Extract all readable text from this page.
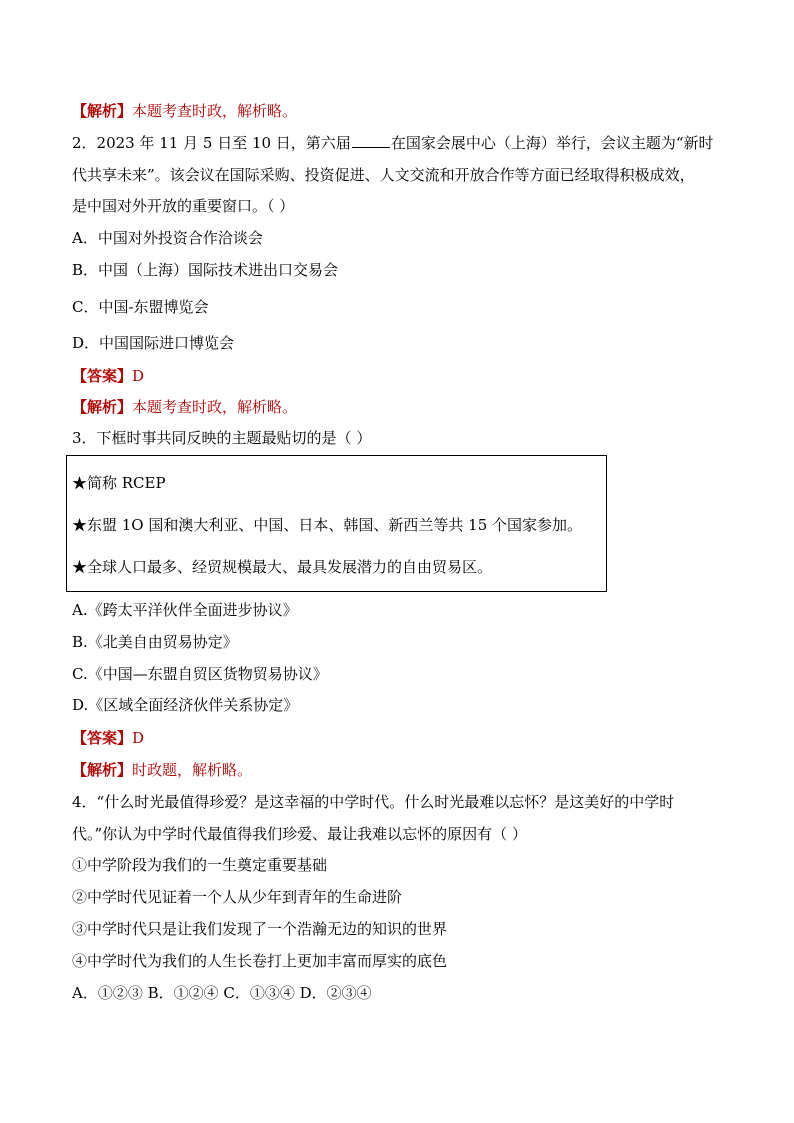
【解析】本题考查时政，解析略。
2．2023 年 11 月 5 日至 10 日，第六届	在国家会展中心（上海）举行，会议主题为“新时
代共享未来”。该会议在国际采购、投资促进、人文交流和开放合作等方面已经取得积极成效，
是中国对外开放的重要窗口。（ ）
A．中国对外投资合作洽谈会
B．中国（上海）国际技术进出口交易会
C．中国-东盟博览会
D．中国国际进口博览会
【答案】D
【解析】本题考查时政，解析略。
3．下框时事共同反映的主题最贴切的是（ ）
★简称 RCEP
★东盟 1O 国和澳大利亚、中国、日本、韩国、新西兰等共 15 个国家参加。
★全球人口最多、经贸规模最大、最具发展潜力的自由贸易区。
A.《跨太平洋伙伴全面进步协议》
B.《北美自由贸易协定》
C.《中国—东盟自贸区货物贸易协议》
D.《区域全面经济伙伴关系协定》
【答案】D
【解析】时政题，解析略。
4．“什么时光最值得珍爱？是这幸福的中学时代。什么时光最难以忘怀？是这美好的中学时
代。”你认为中学时代最值得我们珍爱、最让我难以忘怀的原因有（ ）
①中学阶段为我们的一生奠定重要基础
②中学时代见证着一个人从少年到青年的生命进阶
③中学时代只是让我们发现了一个浩瀚无边的知识的世界
④中学时代为我们的人生长卷打上更加丰富而厚实的底色
A．①②③ B．①②④ C．①③④ D．②③④
